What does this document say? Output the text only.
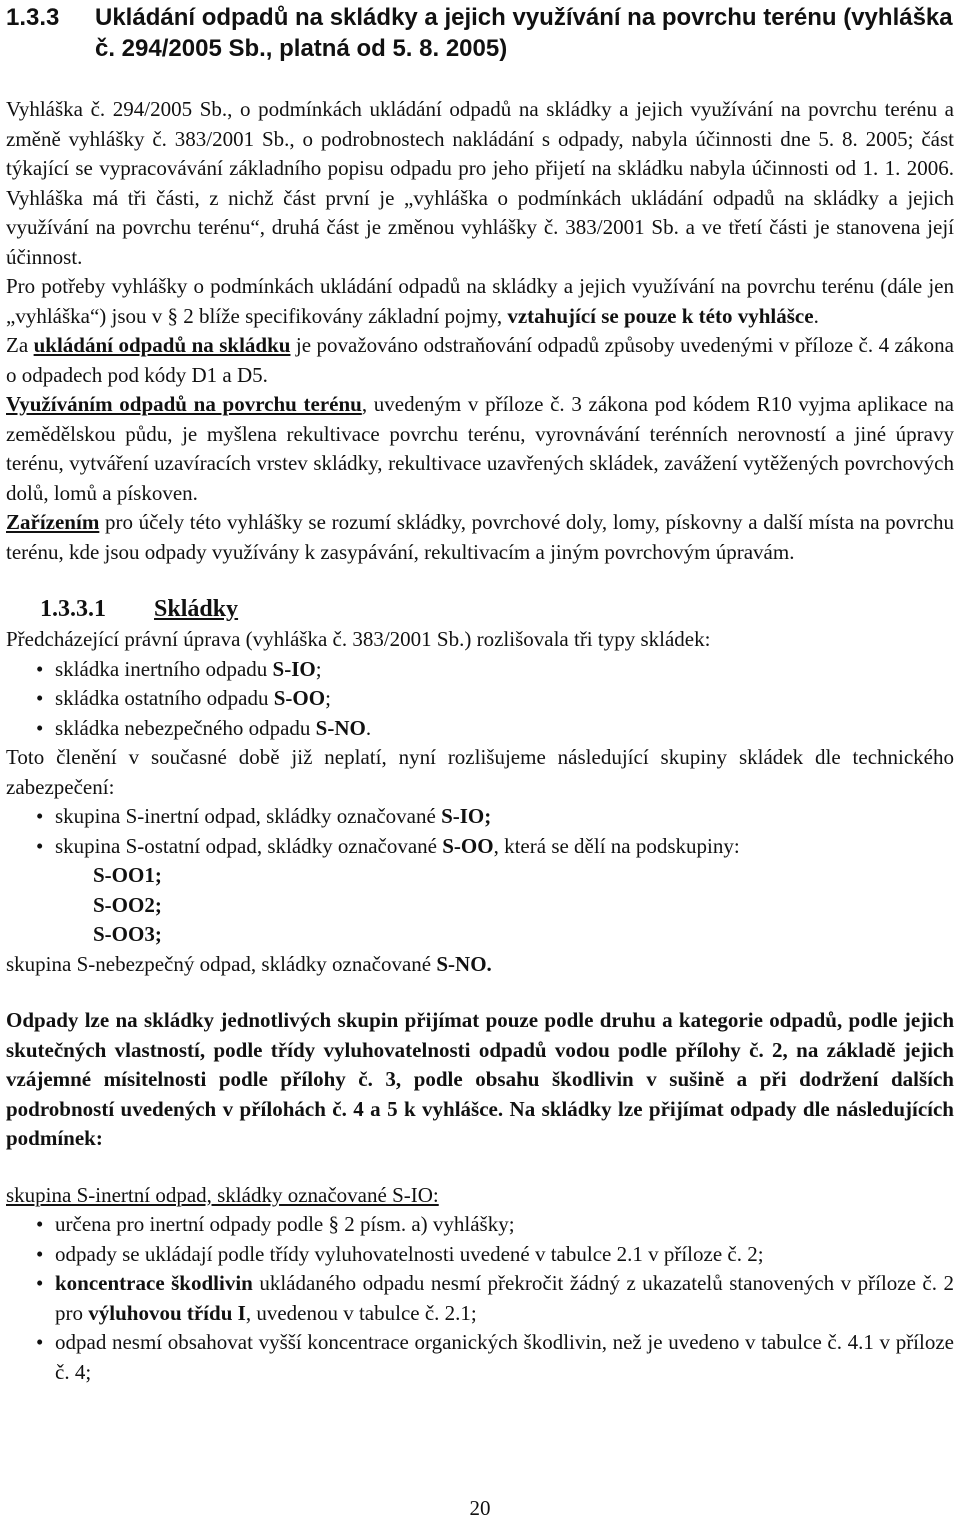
1.3.3	Ukládání odpadů na skládky a jejich využívání na povrchu terénu (vyhláška č. 294/2005 Sb., platná od 5. 8. 2005)

Vyhláška č. 294/2005 Sb., o podmínkách ukládání odpadů na skládky a jejich využívání na povrchu terénu a změně vyhlášky č. 383/2001 Sb., o podrobnostech nakládání s odpady, nabyla účinnosti dne 5. 8. 2005; část týkající se vypracovávání základního popisu odpadu pro jeho přijetí na skládku nabyla účinnosti od 1. 1. 2006. Vyhláška má tři části, z nichž část první je „vyhláška o podmínkách ukládání odpadů na skládky a jejich využívání na povrchu terénu“, druhá část je změnou vyhlášky č. 383/2001 Sb. a ve třetí části je stanovena její účinnost.

Pro potřeby vyhlášky o podmínkách ukládání odpadů na skládky a jejich využívání na povrchu terénu (dále jen „vyhláška“) jsou v § 2 blíže specifikovány základní pojmy, vztahující se pouze k této vyhlášce.

Za ukládání odpadů na skládku je považováno odstraňování odpadů způsoby uvedenými v příloze č. 4 zákona o odpadech pod kódy D1 a D5.

Využíváním odpadů na povrchu terénu, uvedeným v příloze č. 3 zákona pod kódem R10 vyjma aplikace na zemědělskou půdu, je myšlena rekultivace povrchu terénu, vyrovnávání terénních nerovností a jiné úpravy terénu, vytváření uzavíracích vrstev skládky, rekultivace uzavřených skládek, zavážení vytěžených povrchových dolů, lomů a pískoven.

Zařízením pro účely této vyhlášky se rozumí skládky, povrchové doly, lomy, pískovny a další místa na povrchu terénu, kde jsou odpady využívány k zasypávání, rekultivacím a jiným povrchovým úpravám.

1.3.3.1 Skládky

Předcházející právní úprava (vyhláška č. 383/2001 Sb.) rozlišovala tři typy skládek:

• skládka inertního odpadu S-IO;
• skládka ostatního odpadu S-OO;
• skládka nebezpečného odpadu S-NO.

Toto členění v současné době již neplatí, nyní rozlišujeme následující skupiny skládek dle technického zabezpečení:

• skupina S-inertní odpad, skládky označované S-IO;
• skupina S-ostatní odpad, skládky označované S-OO, která se dělí na podskupiny:
S-OO1;
S-OO2;
S-OO3;

skupina S-nebezpečný odpad, skládky označované S-NO.

Odpady lze na skládky jednotlivých skupin přijímat pouze podle druhu a kategorie odpadů, podle jejich skutečných vlastností, podle třídy vyluhovatelnosti odpadů vodou podle přílohy č. 2, na základě jejich vzájemné mísitelnosti podle přílohy č. 3, podle obsahu škodlivin v sušině a při dodržení dalších podrobností uvedených v přílohách č. 4 a 5 k vyhlášce. Na skládky lze přijímat odpady dle následujících podmínek:

skupina S-inertní odpad, skládky označované S-IO:

• určena pro inertní odpady podle § 2 písm. a) vyhlášky;
• odpady se ukládají podle třídy vyluhovatelnosti uvedené v tabulce 2.1 v příloze č. 2;
• koncentrace škodlivin ukládaného odpadu nesmí překročit žádný z ukazatelů stanovených v příloze č. 2 pro výluhovou třídu I, uvedenou v tabulce č. 2.1;
• odpad nesmí obsahovat vyšší koncentrace organických škodlivin, než je uvedeno v tabulce č. 4.1 v příloze č. 4;
20
